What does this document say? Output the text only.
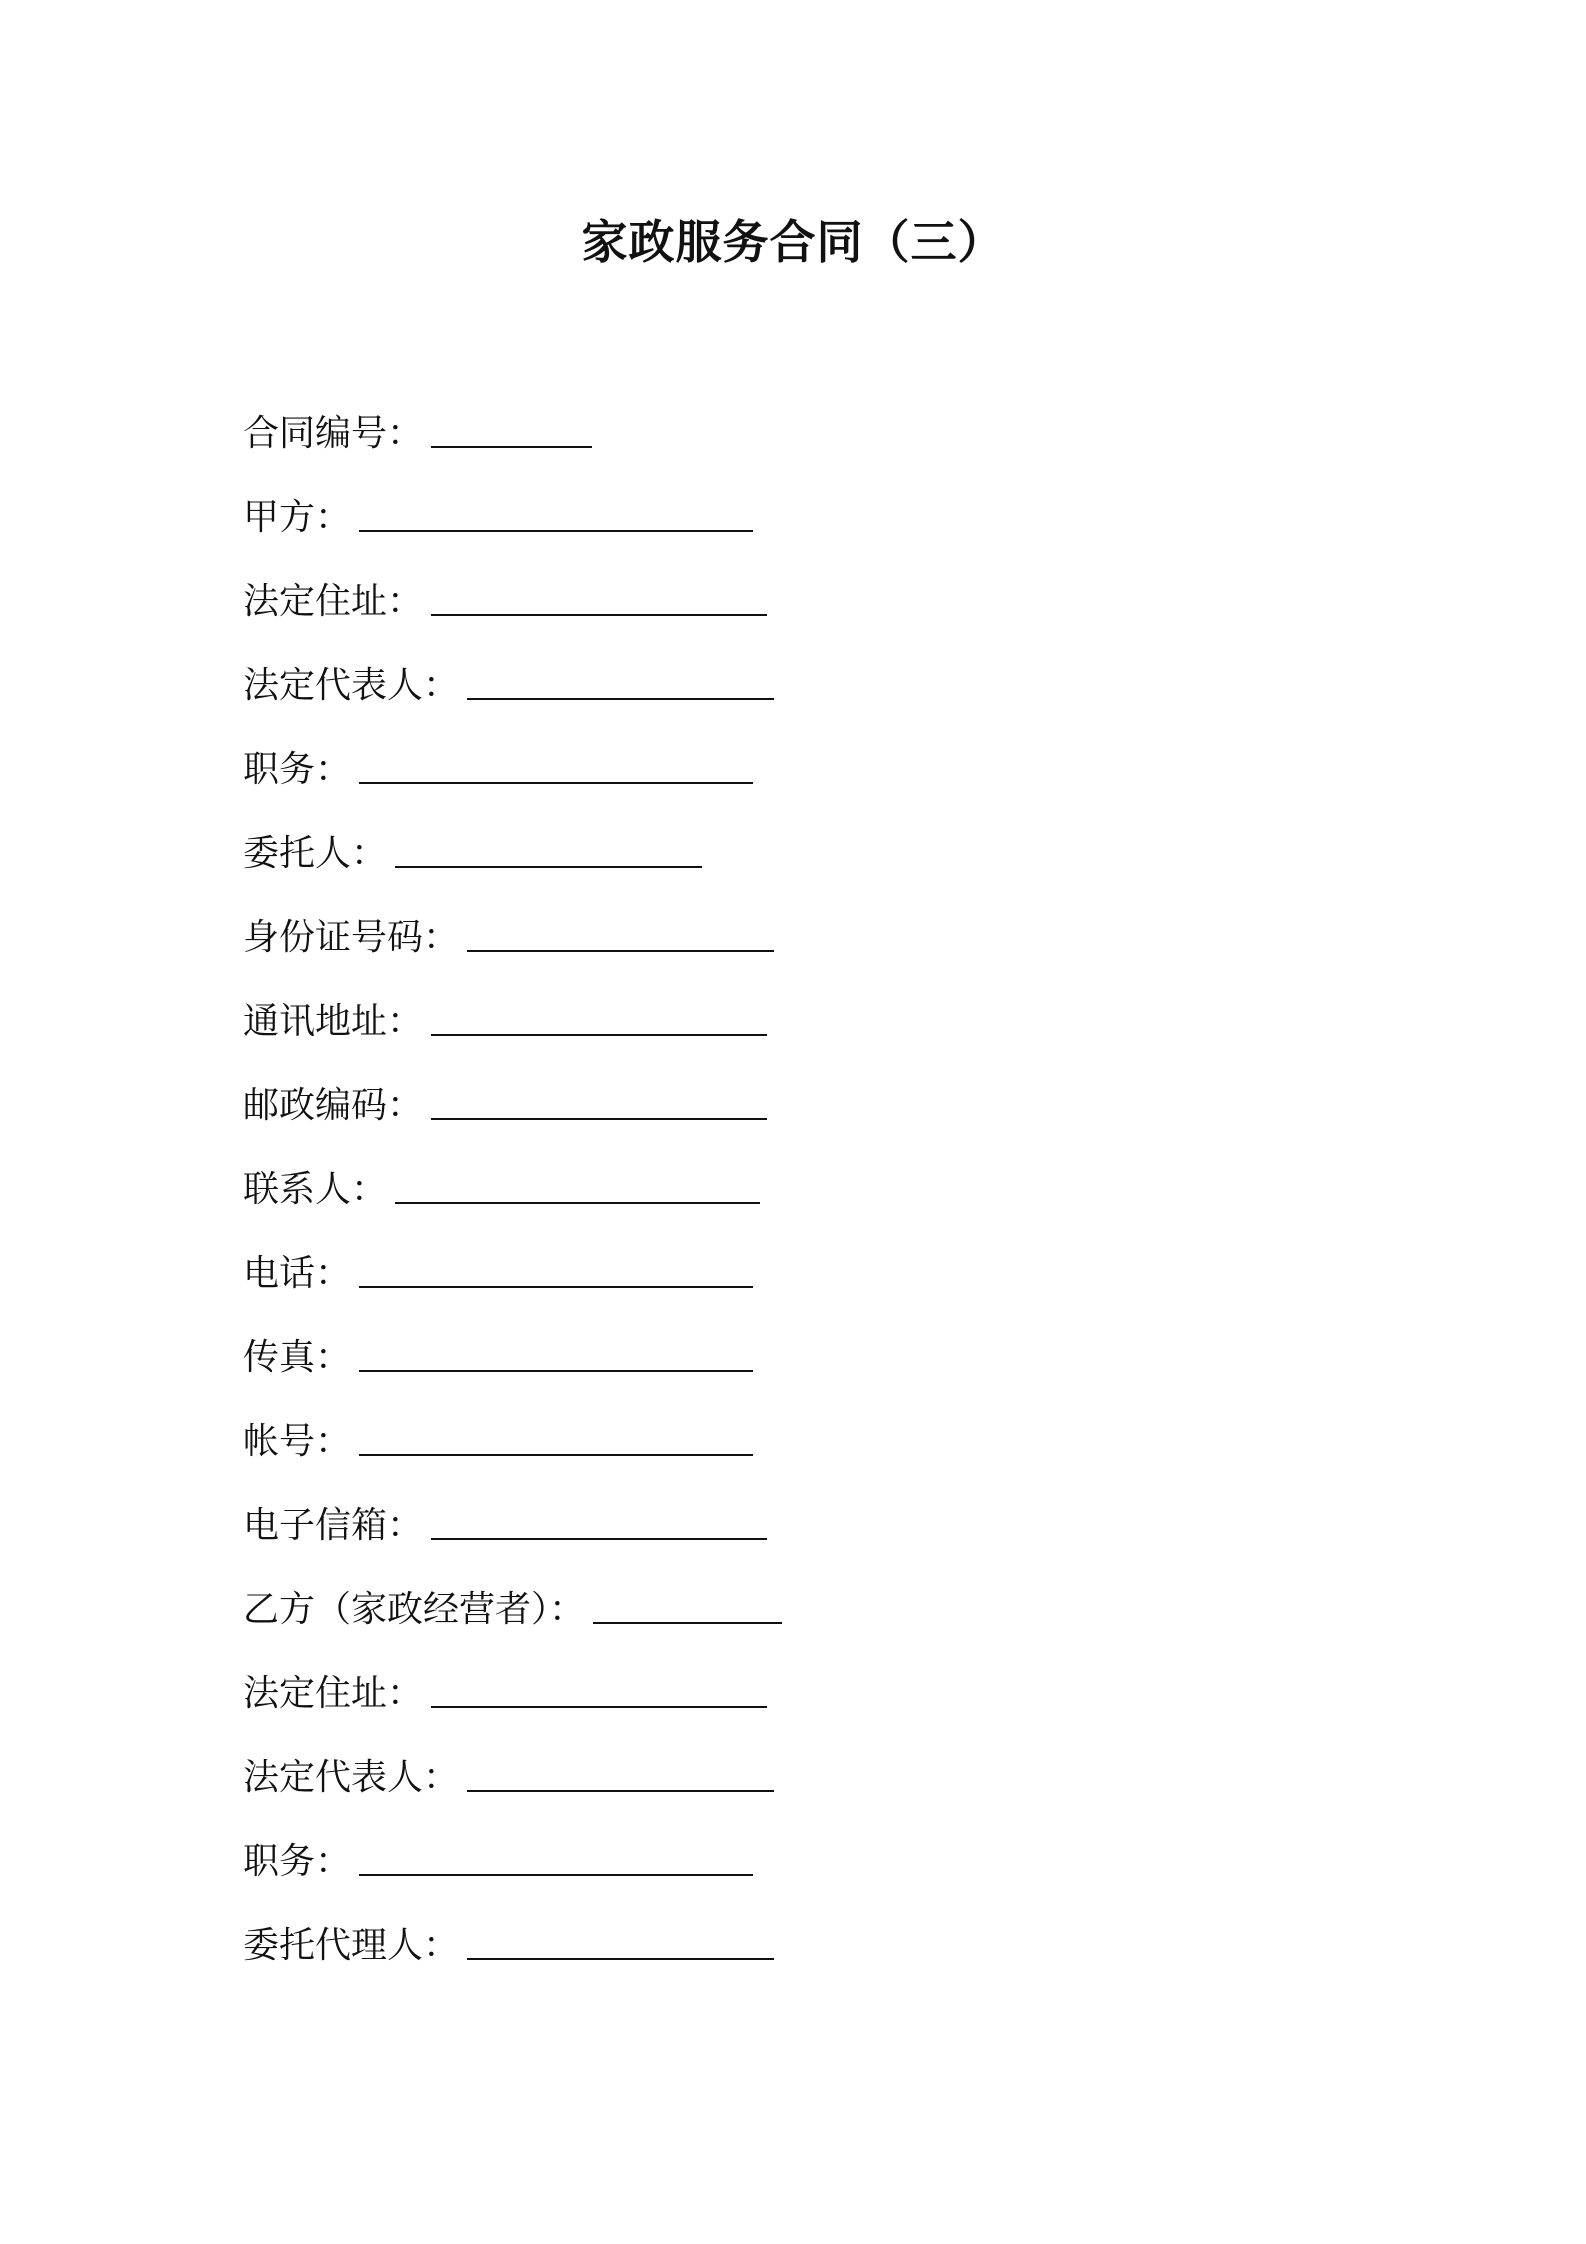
家政服务合同（三）
合同编号：
甲方：
法定住址：
法定代表人：
职务：
委托人：
身份证号码：
通讯地址：
邮政编码：
联系人：
电话：
传真：
帐号：
电子信箱：
乙方（家政经营者）：
法定住址：
法定代表人：
职务：
委托代理人：
